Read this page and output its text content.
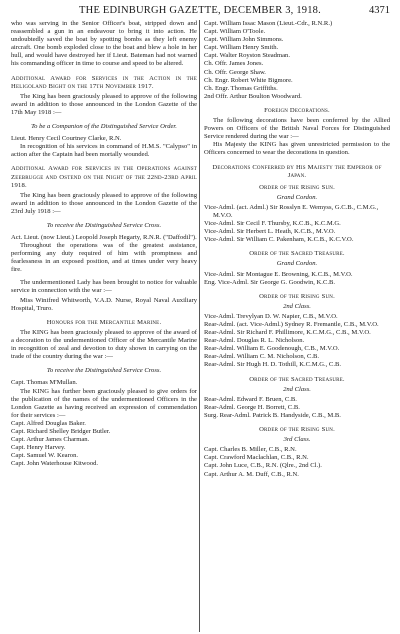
THE EDINBURGH GAZETTE, DECEMBER 3, 1918.	4371

who was serving in the Senior Officer's boat, stripped down and reassembled a gun in an endeavour to bring it into action. He undoubtedly saved the boat by spotting bombs as they left enemy aircraft. One bomb exploded close to the boat and blew a hole in her hull, and would have destroyed her if Lieut. Bateman had not warned his commanding officer in time to course and speed to be altered.

Additional Award for Services in the Action in the Heligoland Bight on the 17th November 1917.

The King has been graciously pleased to approve of the following award in addition to those announced in the London Gazette of the 17th May 1918 :—

To be a Companion of the Distinguished Service Order.

Lieut. Henry Cecil Courtney Clarke, R.N.

In recognition of his services in command of H.M.S. "Calypso" in action after the Captain had been mortally wounded.

Additional Award for Services in the Operations against Zeebrugge and Ostend on the Night of the 22nd-23rd April 1918.

The King has been graciously pleased to approve of the following award in addition to those announced in the London Gazette of the 23rd July 1918 :—

To receive the Distinguished Service Cross.

Act. Lieut. (now Lieut.) Leopold Joseph Hegarty, R.N.R. ("Daffodil").

Throughout the operations was of the greatest assistance, performing any duty required of him with promptness and fearlessness in an exposed position, and at times under very heavy fire.

The undermentioned Lady has been brought to notice for valuable service in connection with the war :—

Miss Winifred Whitworth, V.A.D. Nurse, Royal Naval Auxiliary Hospital, Truro.

Honours for the Mercantile Marine.

The KING has been graciously pleased to approve of the award of a decoration to the undermentioned Officer of the Mercantile Marine in recognition of zeal and devotion to duty shown in carrying on the trade of the country during the war :—

To receive the Distinguished Service Cross.

Capt. Thomas M'Mullan.

The KING has further been graciously pleased to give orders for the publication of the names of the undermentioned Officers in the London Gazette as having received an expression of commendation for their services :—

Capt. Alfred Douglas Baker.

Capt. Richard Shelley Bridger Butler.

Capt. Arthur James Charman.

Capt. Henry Harvey.

Capt. Samuel W. Kearon.

Capt. John Waterhouse Kitwood.

Capt. William Issac Mason (Lieut.-Cdr., R.N.R.)

Capt. William O'Toole.

Capt. William John Simmons.

Capt. William Henry Smith.

Capt. Walter Royston Steadman.

Ch. Offr. James Jones.

Ch. Offr. George Shaw.

Ch. Engr. Robert White Bigmore.

Ch. Engr. Thomas Griffiths.

2nd Offr. Arthur Boulton Woodward.

Foreign Decorations.

The following decorations have been conferred by the Allied Powers on Officers of the British Naval Forces for Distinguished Service rendered during the war :—

His Majesty the KING has given unrestricted permission to the Officers concerned to wear the decorations in question.

Decorations Conferred by His Majesty the Emperor of Japan.

Order of the Rising Sun.

Grand Cordon.

Vice-Adml. (act. Adml.) Sir Rosslyn E. Wemyss, G.C.B., C.M.G., M.V.O.

Vice-Adml. Sir Cecil F. Thursby, K.C.B., K.C.M.G.

Vice-Adml. Sir Herbert L. Heath, K.C.B., M.V.O.

Vice-Adml. Sir William C. Pakenham, K.C.B., K.C.V.O.

Order of the Sacred Treasure.

Grand Cordon.

Vice-Adml. Sir Montague E. Browning, K.C.B., M.V.O.

Eng. Vice-Adml. Sir George G. Goodwin, K.C.B.

Order of the Rising Sun.

2nd Class.

Vice-Adml. Trevylyan D. W. Napier, C.B., M.V.O.

Rear-Adml. (act. Vice-Adml.) Sydney R. Fremantle, C.B., M.V.O.

Rear-Adml. Sir Richard F. Phillimore, K.C.M.G., C.B., M.V.O.

Rear-Adml. Douglas R. L. Nicholson.

Rear-Adml. William E. Goodenough, C.B., M.V.O.

Rear-Adml. William C. M. Nicholson, C.B.

Rear-Adml. Sir Hugh H. D. Tothill, K.C.M.G., C.B.

Order of the Sacred Treasure.

2nd Class.

Rear-Adml. Edward F. Bruen, C.B.

Rear-Adml. George H. Borrett, C.B.

Surg. Rear-Adml. Patrick B. Handyside, C.B., M.B.

Order of the Rising Sun.

3rd Class.

Capt. Charles B. Miller, C.B., R.N.

Capt. Crawford Maclachlan, C.B., R.N.

Capt. John Luce, C.B., R.N. (Qlre., 2nd Cl.).

Capt. Arthur A. M. Duff, C.B., R.N.
